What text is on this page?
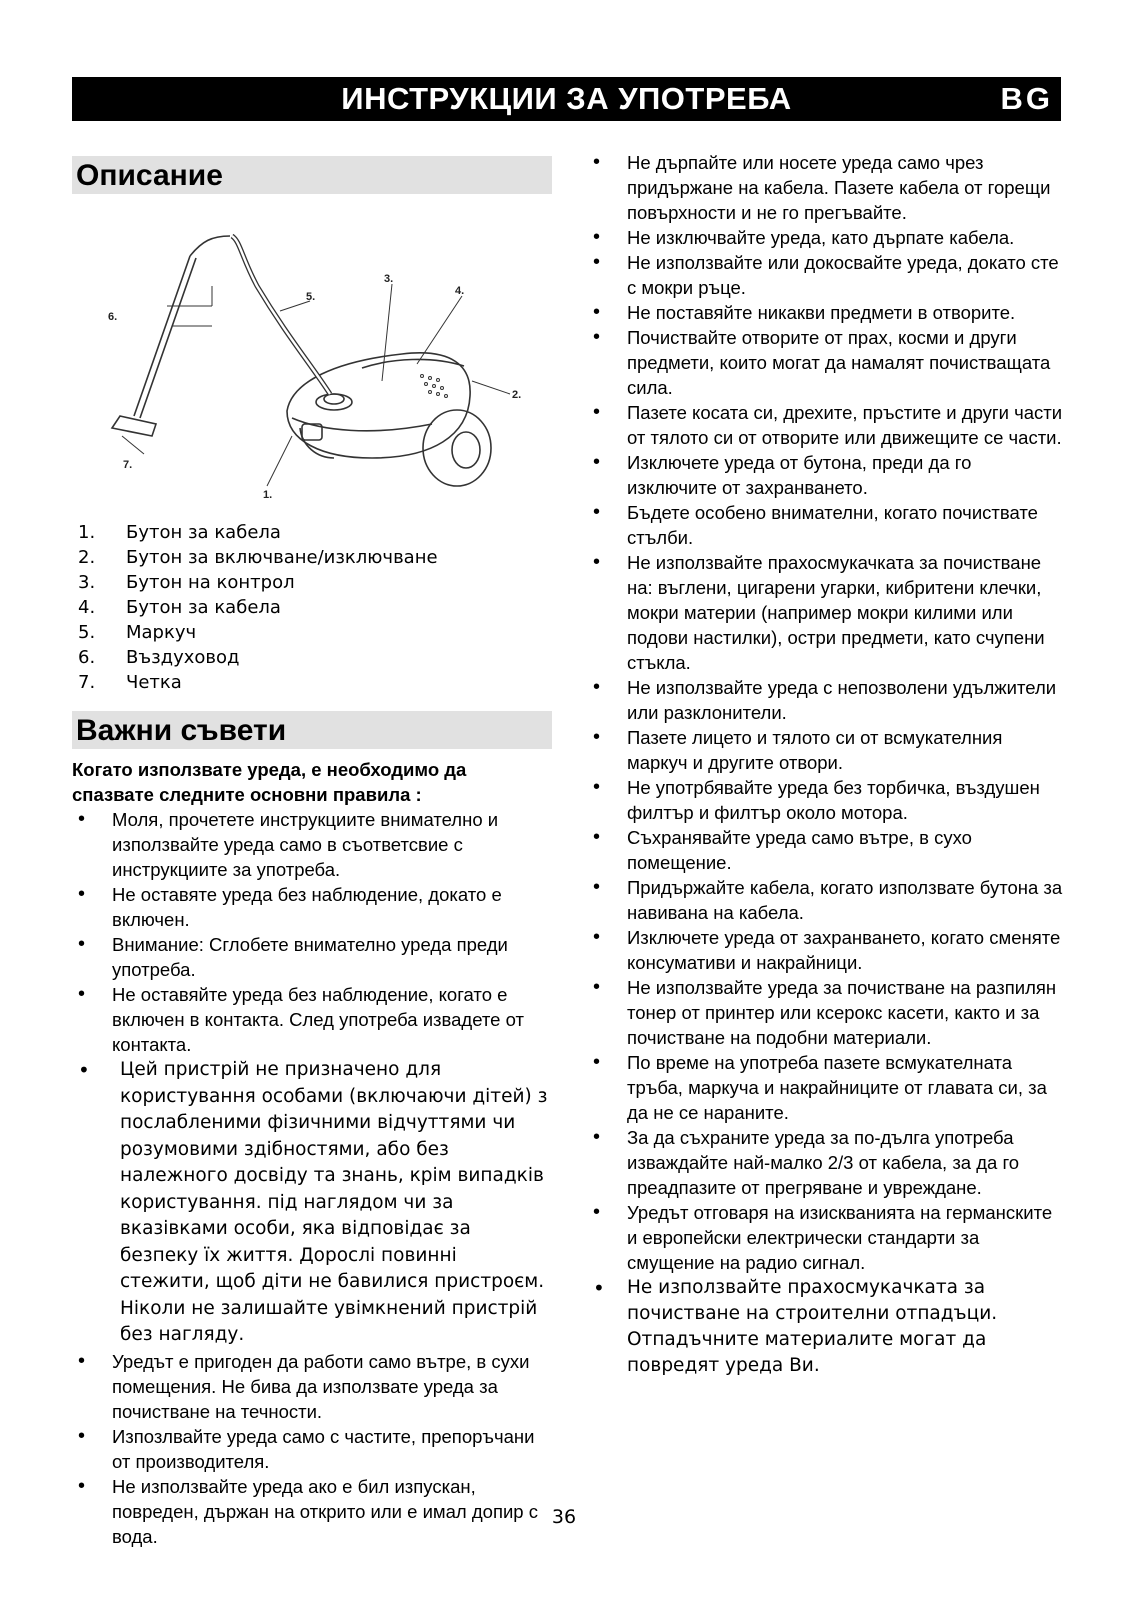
ИНСТРУКЦИИ ЗА УПОТРЕБА	BG
Описание
1.
2.
3.
4.
5.
6.
7.
1. Бутон за кабела
2. Бутон за включване/изключване
3. Бутон на контрол
4. Бутон за кабела
5. Маркуч
6. Въздуховод
7. Четка
Важни съвети
Когато използвате уреда, е необходимо да спазвате следните основни правила :
• Моля, прочетете инструкциите внимателно и използвайте уреда само в съответсвие с инструкциите за употреба.
• Не оставяте уреда без наблюдение, докато е включен.
• Внимание: Сглобете внимателно уреда преди употреба.
• Не оставяйте уреда без наблюдение, когато е включен в контакта. След употреба извадете от контакта.
• Цей пристрій не призначено для користування особами (включаючи дітей) з послабленими фізичними відчуттями чи розумовими здібностями, або без належного досвіду та знань, крім випадків користування. під наглядом чи за вказівками особи, яка відповідає за безпеку їх життя. Дорослі повинні стежити, щоб діти не бавилися пристроєм. Ніколи не залишайте увімкнений пристрій без нагляду.
• Уредът е пригоден да работи само вътре, в сухи помещения. Не бива да използвате уреда за почистване на течности.
• Изпозлвайте уреда само с частите, препоръчани от производителя.
• Не използвайте уреда ако е бил изпускан, повреден, държан на открито или е имал допир с вода.
• Не дърпайте или носете уреда само чрез придържане на кабела. Пазете кабела от горещи повърхности и не го прегъвайте.
• Не изключвайте уреда, като дърпате кабела.
• Не използвайте или докосвайте уреда, докато сте с мокри ръце.
• Не поставяйте никакви предмети в отворите.
• Почиствайте отворите от прах, косми и други предмети, които могат да намалят почистващата сила.
• Пазете косата си, дрехите, пръстите и други части от тялото си от отворите или движещите се части.
• Изключете уреда от бутона, преди да го изключите от захранването.
• Бъдете особено внимателни, когато почиствате стълби.
• Не използвайте прахосмукачката за почистване на: въглени, цигарени угарки, кибритени клечки, мокри материи (например мокри килими или подови настилки), остри предмети, като счупени стъкла.
• Не използвайте уреда с непозволени удължители или разклонители.
• Пазете лицето и тялото си от всмукателния маркуч и другите отвори.
• Не употрбявайте уреда без торбичка, въздушен филтър и филтър около мотора.
• Съхранявайте уреда само вътре, в сухо помещение.
• Придържайте кабела, когато използвате бутона за навивана на кабела.
• Изключете уреда от захранването, когато сменяте консумативи и накрайници.
• Не използвайте уреда за почистване на разпилян тонер от принтер или ксерокс касети, както и за почистване на подобни материали.
• По време на употреба пазете всмукателната тръба, маркуча и накрайниците от главата си, за да не се нараните.
• За да съхраните уреда за по-дълга употреба изваждайте най-малко 2/3 от кабела, за да го преадпазите от прегряване и увреждане.
• Уредът отговаря на изискванията на германските и европейски електрически стандарти за смущение на радио сигнал.
• Не използвайте прахосмукачката за почистване на строителни отпадъци. Отпадъчните материалите могат да повредят уреда Ви.
36
